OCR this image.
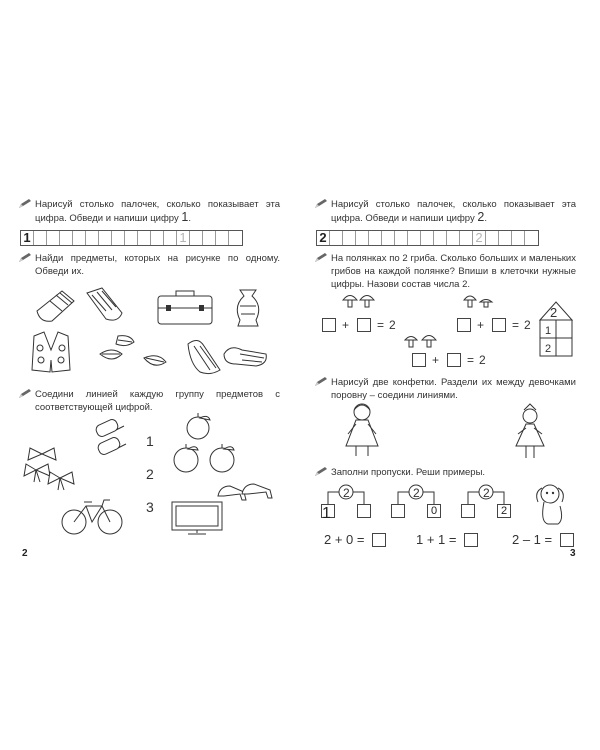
Нарисуй столько палочек, сколько показывает эта цифра. Обведи и напиши цифру 1.
1	1
Найди предметы, которых на рисунке по одному. Обведи их.
Соедини линией каждую группу предметов с соответствующей цифрой.
1
2
3
2
Нарисуй столько палочек, сколько показывает эта цифра. Обведи и напиши цифру 2.
2	2
На полянках по 2 гриба. Сколько больших и маленьких грибов на каждой полянке? Впиши в клеточки нужные цифры. Назови состав числа 2.
+ = 2	+ = 2
+ = 2
2
1
2
Нарисуй две конфетки. Раздели их между девочками поровну – соедини линиями.
Заполни пропуски. Реши примеры.
2
1
2
0
2
2
2 + 0 =	1 + 1 =	2 – 1 =
3
